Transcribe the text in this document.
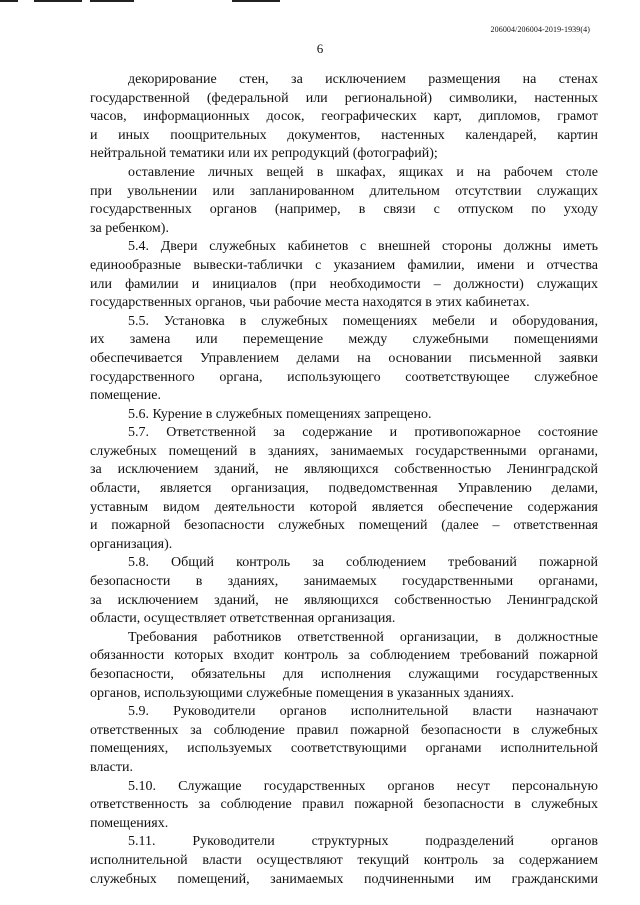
206004/206004-2019-1939(4)
6
декорирование стен, за исключением размещения на стенах
государственной (федеральной или региональной) символики, настенных
часов, информационных досок, географических карт, дипломов, грамот
и иных поощрительных документов, настенных календарей, картин
нейтральной тематики или их репродукций (фотографий);
оставление личных вещей в шкафах, ящиках и на рабочем столе
при увольнении или запланированном длительном отсутствии служащих
государственных органов (например, в связи с отпуском по уходу
за ребенком).
5.4. Двери служебных кабинетов с внешней стороны должны иметь
единообразные вывески-таблички с указанием фамилии, имени и отчества
или фамилии и инициалов (при необходимости – должности) служащих
государственных органов, чьи рабочие места находятся в этих кабинетах.
5.5. Установка в служебных помещениях мебели и оборудования,
их замена или перемещение между служебными помещениями
обеспечивается Управлением делами на основании письменной заявки
государственного органа, использующего соответствующее служебное
помещение.
5.6. Курение в служебных помещениях запрещено.
5.7. Ответственной за содержание и противопожарное состояние
служебных помещений в зданиях, занимаемых государственными органами,
за исключением зданий, не являющихся собственностью Ленинградской
области, является организация, подведомственная Управлению делами,
уставным видом деятельности которой является обеспечение содержания
и пожарной безопасности служебных помещений (далее – ответственная
организация).
5.8. Общий контроль за соблюдением требований пожарной
безопасности в зданиях, занимаемых государственными органами,
за исключением зданий, не являющихся собственностью Ленинградской
области, осуществляет ответственная организация.
Требования работников ответственной организации, в должностные
обязанности которых входит контроль за соблюдением требований пожарной
безопасности, обязательны для исполнения служащими государственных
органов, использующими служебные помещения в указанных зданиях.
5.9. Руководители органов исполнительной власти назначают
ответственных за соблюдение правил пожарной безопасности в служебных
помещениях, используемых соответствующими органами исполнительной
власти.
5.10. Служащие государственных органов несут персональную
ответственность за соблюдение правил пожарной безопасности в служебных
помещениях.
5.11. Руководители структурных подразделений органов
исполнительной власти осуществляют текущий контроль за содержанием
служебных помещений, занимаемых подчиненными им гражданскими
